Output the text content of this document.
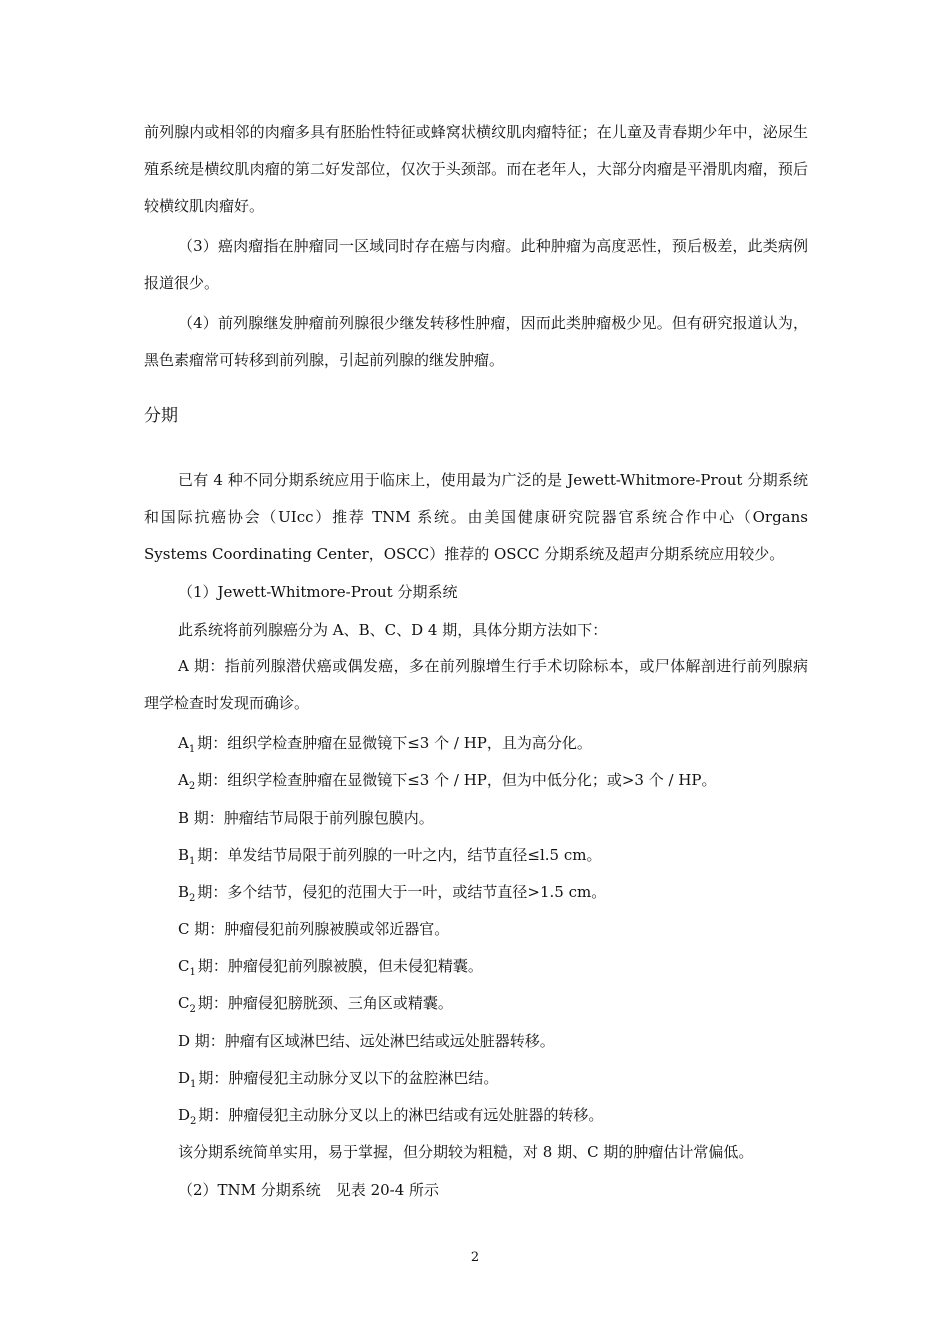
前列腺内或相邻的肉瘤多具有胚胎性特征或蜂窝状横纹肌肉瘤特征；在儿童及青春期少年中，泌尿生殖系统是横纹肌肉瘤的第二好发部位，仅次于头颈部。而在老年人，大部分肉瘤是平滑肌肉瘤，预后较横纹肌肉瘤好。

（3）癌肉瘤指在肿瘤同一区域同时存在癌与肉瘤。此种肿瘤为高度恶性，预后极差，此类病例报道很少。

（4）前列腺继发肿瘤前列腺很少继发转移性肿瘤，因而此类肿瘤极少见。但有研究报道认为，黑色素瘤常可转移到前列腺，引起前列腺的继发肿瘤。

分期

已有 4 种不同分期系统应用于临床上，使用最为广泛的是 Jewett-Whitmore-Prout 分期系统和国际抗癌协会（UIcc）推荐 TNM 系统。由美国健康研究院器官系统合作中心（Organs Systems Coordinating Center，OSCC）推荐的 OSCC 分期系统及超声分期系统应用较少。

（1）Jewett-Whitmore-Prout 分期系统

此系统将前列腺癌分为 A、B、C、D 4 期，具体分期方法如下：

A 期：指前列腺潜伏癌或偶发癌，多在前列腺增生行手术切除标本，或尸体解剖进行前列腺病理学检查时发现而确诊。

$A_1$ 期：组织学检查肿瘤在显微镜下≤3 个 / HP，且为高分化。

$A_2$ 期：组织学检查肿瘤在显微镜下≤3 个 / HP，但为中低分化；或>3 个 / HP。

B 期：肿瘤结节局限于前列腺包膜内。

$B_1$ 期：单发结节局限于前列腺的一叶之内，结节直径≤l.5 cm。

$B_2$ 期：多个结节，侵犯的范围大于一叶，或结节直径>1.5 cm。

C 期：肿瘤侵犯前列腺被膜或邻近器官。

$C_1$ 期：肿瘤侵犯前列腺被膜，但未侵犯精囊。

$C_2$ 期：肿瘤侵犯膀胱颈、三角区或精囊。

D 期：肿瘤有区域淋巴结、远处淋巴结或远处脏器转移。

$D_1$ 期：肿瘤侵犯主动脉分叉以下的盆腔淋巴结。

$D_2$ 期：肿瘤侵犯主动脉分叉以上的淋巴结或有远处脏器的转移。

该分期系统简单实用，易于掌握，但分期较为粗糙，对 8 期、C 期的肿瘤估计常偏低。

（2）TNM 分期系统　见表 20-4 所示

2
